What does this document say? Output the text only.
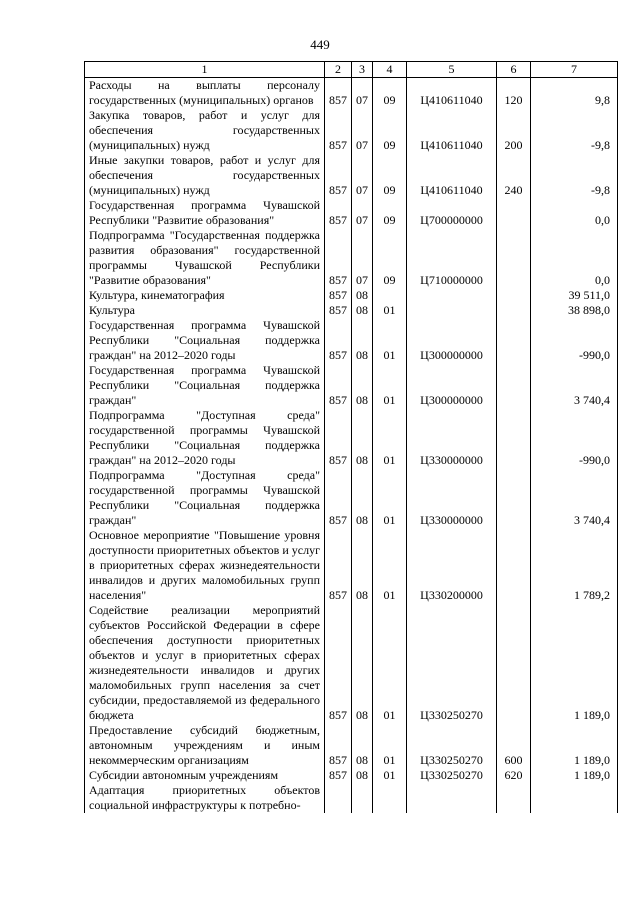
449
1	2	3	4	5	6	7
Расходы на выплаты персоналу государственных (муниципальных) органов	857	07	09	Ц410611040	120	9,8
Закупка товаров, работ и услуг для обеспечения государственных (муниципальных) нужд	857	07	09	Ц410611040	200	-9,8
Иные закупки товаров, работ и услуг для обеспечения государственных (муниципальных) нужд	857	07	09	Ц410611040	240	-9,8
Государственная программа Чувашской Республики "Развитие образования"	857	07	09	Ц700000000		0,0
Подпрограмма "Государственная поддержка развития образования" государственной программы Чувашской Республики "Развитие образования"	857	07	09	Ц710000000		0,0
Культура, кинематография	857	08				39 511,0
Культура	857	08	01			38 898,0
Государственная программа Чувашской Республики "Социальная поддержка граждан" на 2012–2020 годы	857	08	01	Ц300000000		-990,0
Государственная программа Чувашской Республики "Социальная поддержка граждан"	857	08	01	Ц300000000		3 740,4
Подпрограмма "Доступная среда" государственной программы Чувашской Республики "Социальная поддержка граждан" на 2012–2020 годы	857	08	01	Ц330000000		-990,0
Подпрограмма "Доступная среда" государственной программы Чувашской Республики "Социальная поддержка граждан"	857	08	01	Ц330000000		3 740,4
Основное мероприятие "Повышение уровня доступности приоритетных объектов и услуг в приоритетных сферах жизнедеятельности инвалидов и других маломобильных групп населения"	857	08	01	Ц330200000		1 789,2
Содействие реализации мероприятий субъектов Российской Федерации в сфере обеспечения доступности приоритетных объектов и услуг в приоритетных сферах жизнедеятельности инвалидов и других маломобильных групп населения за счет субсидии, предоставляемой из федерального бюджета	857	08	01	Ц330250270		1 189,0
Предоставление субсидий бюджетным, автономным учреждениям и иным некоммерческим организациям	857	08	01	Ц330250270	600	1 189,0
Субсидии автономным учреждениям	857	08	01	Ц330250270	620	1 189,0
Адаптация приоритетных объектов социальной инфраструктуры к потребно-						
